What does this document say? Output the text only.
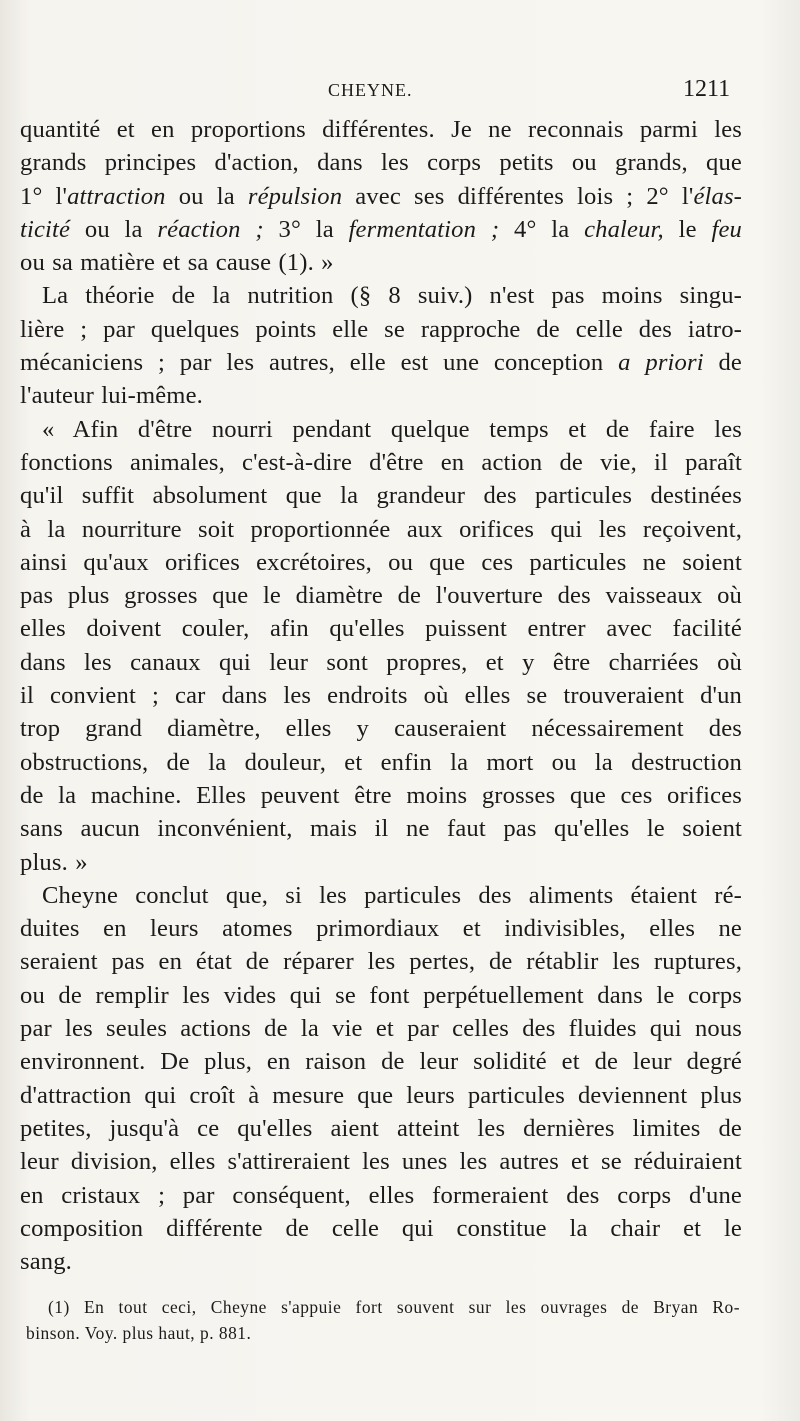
CHEYNE.	1211
quantité et en proportions différentes. Je ne reconnais parmi les
grands principes d'action, dans les corps petits ou grands, que
1° l'attraction ou la répulsion avec ses différentes lois ; 2° l'élas-
ticité ou la réaction ; 3° la fermentation ; 4° la chaleur, le feu
ou sa matière et sa cause (1). »
La théorie de la nutrition (§ 8 suiv.) n'est pas moins singu-
lière ; par quelques points elle se rapproche de celle des iatro-
mécaniciens ; par les autres, elle est une conception a priori de
l'auteur lui-même.
« Afin d'être nourri pendant quelque temps et de faire les
fonctions animales, c'est-à-dire d'être en action de vie, il paraît
qu'il suffit absolument que la grandeur des particules destinées
à la nourriture soit proportionnée aux orifices qui les reçoivent,
ainsi qu'aux orifices excrétoires, ou que ces particules ne soient
pas plus grosses que le diamètre de l'ouverture des vaisseaux où
elles doivent couler, afin qu'elles puissent entrer avec facilité
dans les canaux qui leur sont propres, et y être charriées où
il convient ; car dans les endroits où elles se trouveraient d'un
trop grand diamètre, elles y causeraient nécessairement des
obstructions, de la douleur, et enfin la mort ou la destruction
de la machine. Elles peuvent être moins grosses que ces orifices
sans aucun inconvénient, mais il ne faut pas qu'elles le soient
plus. »
Cheyne conclut que, si les particules des aliments étaient ré-
duites en leurs atomes primordiaux et indivisibles, elles ne
seraient pas en état de réparer les pertes, de rétablir les ruptures,
ou de remplir les vides qui se font perpétuellement dans le corps
par les seules actions de la vie et par celles des fluides qui nous
environnent. De plus, en raison de leur solidité et de leur degré
d'attraction qui croît à mesure que leurs particules deviennent plus
petites, jusqu'à ce qu'elles aient atteint les dernières limites de
leur division, elles s'attireraient les unes les autres et se réduiraient
en cristaux ; par conséquent, elles formeraient des corps d'une
composition différente de celle qui constitue la chair et le
sang.
(1) En tout ceci, Cheyne s'appuie fort souvent sur les ouvrages de Bryan Ro-
binson. Voy. plus haut, p. 881.
